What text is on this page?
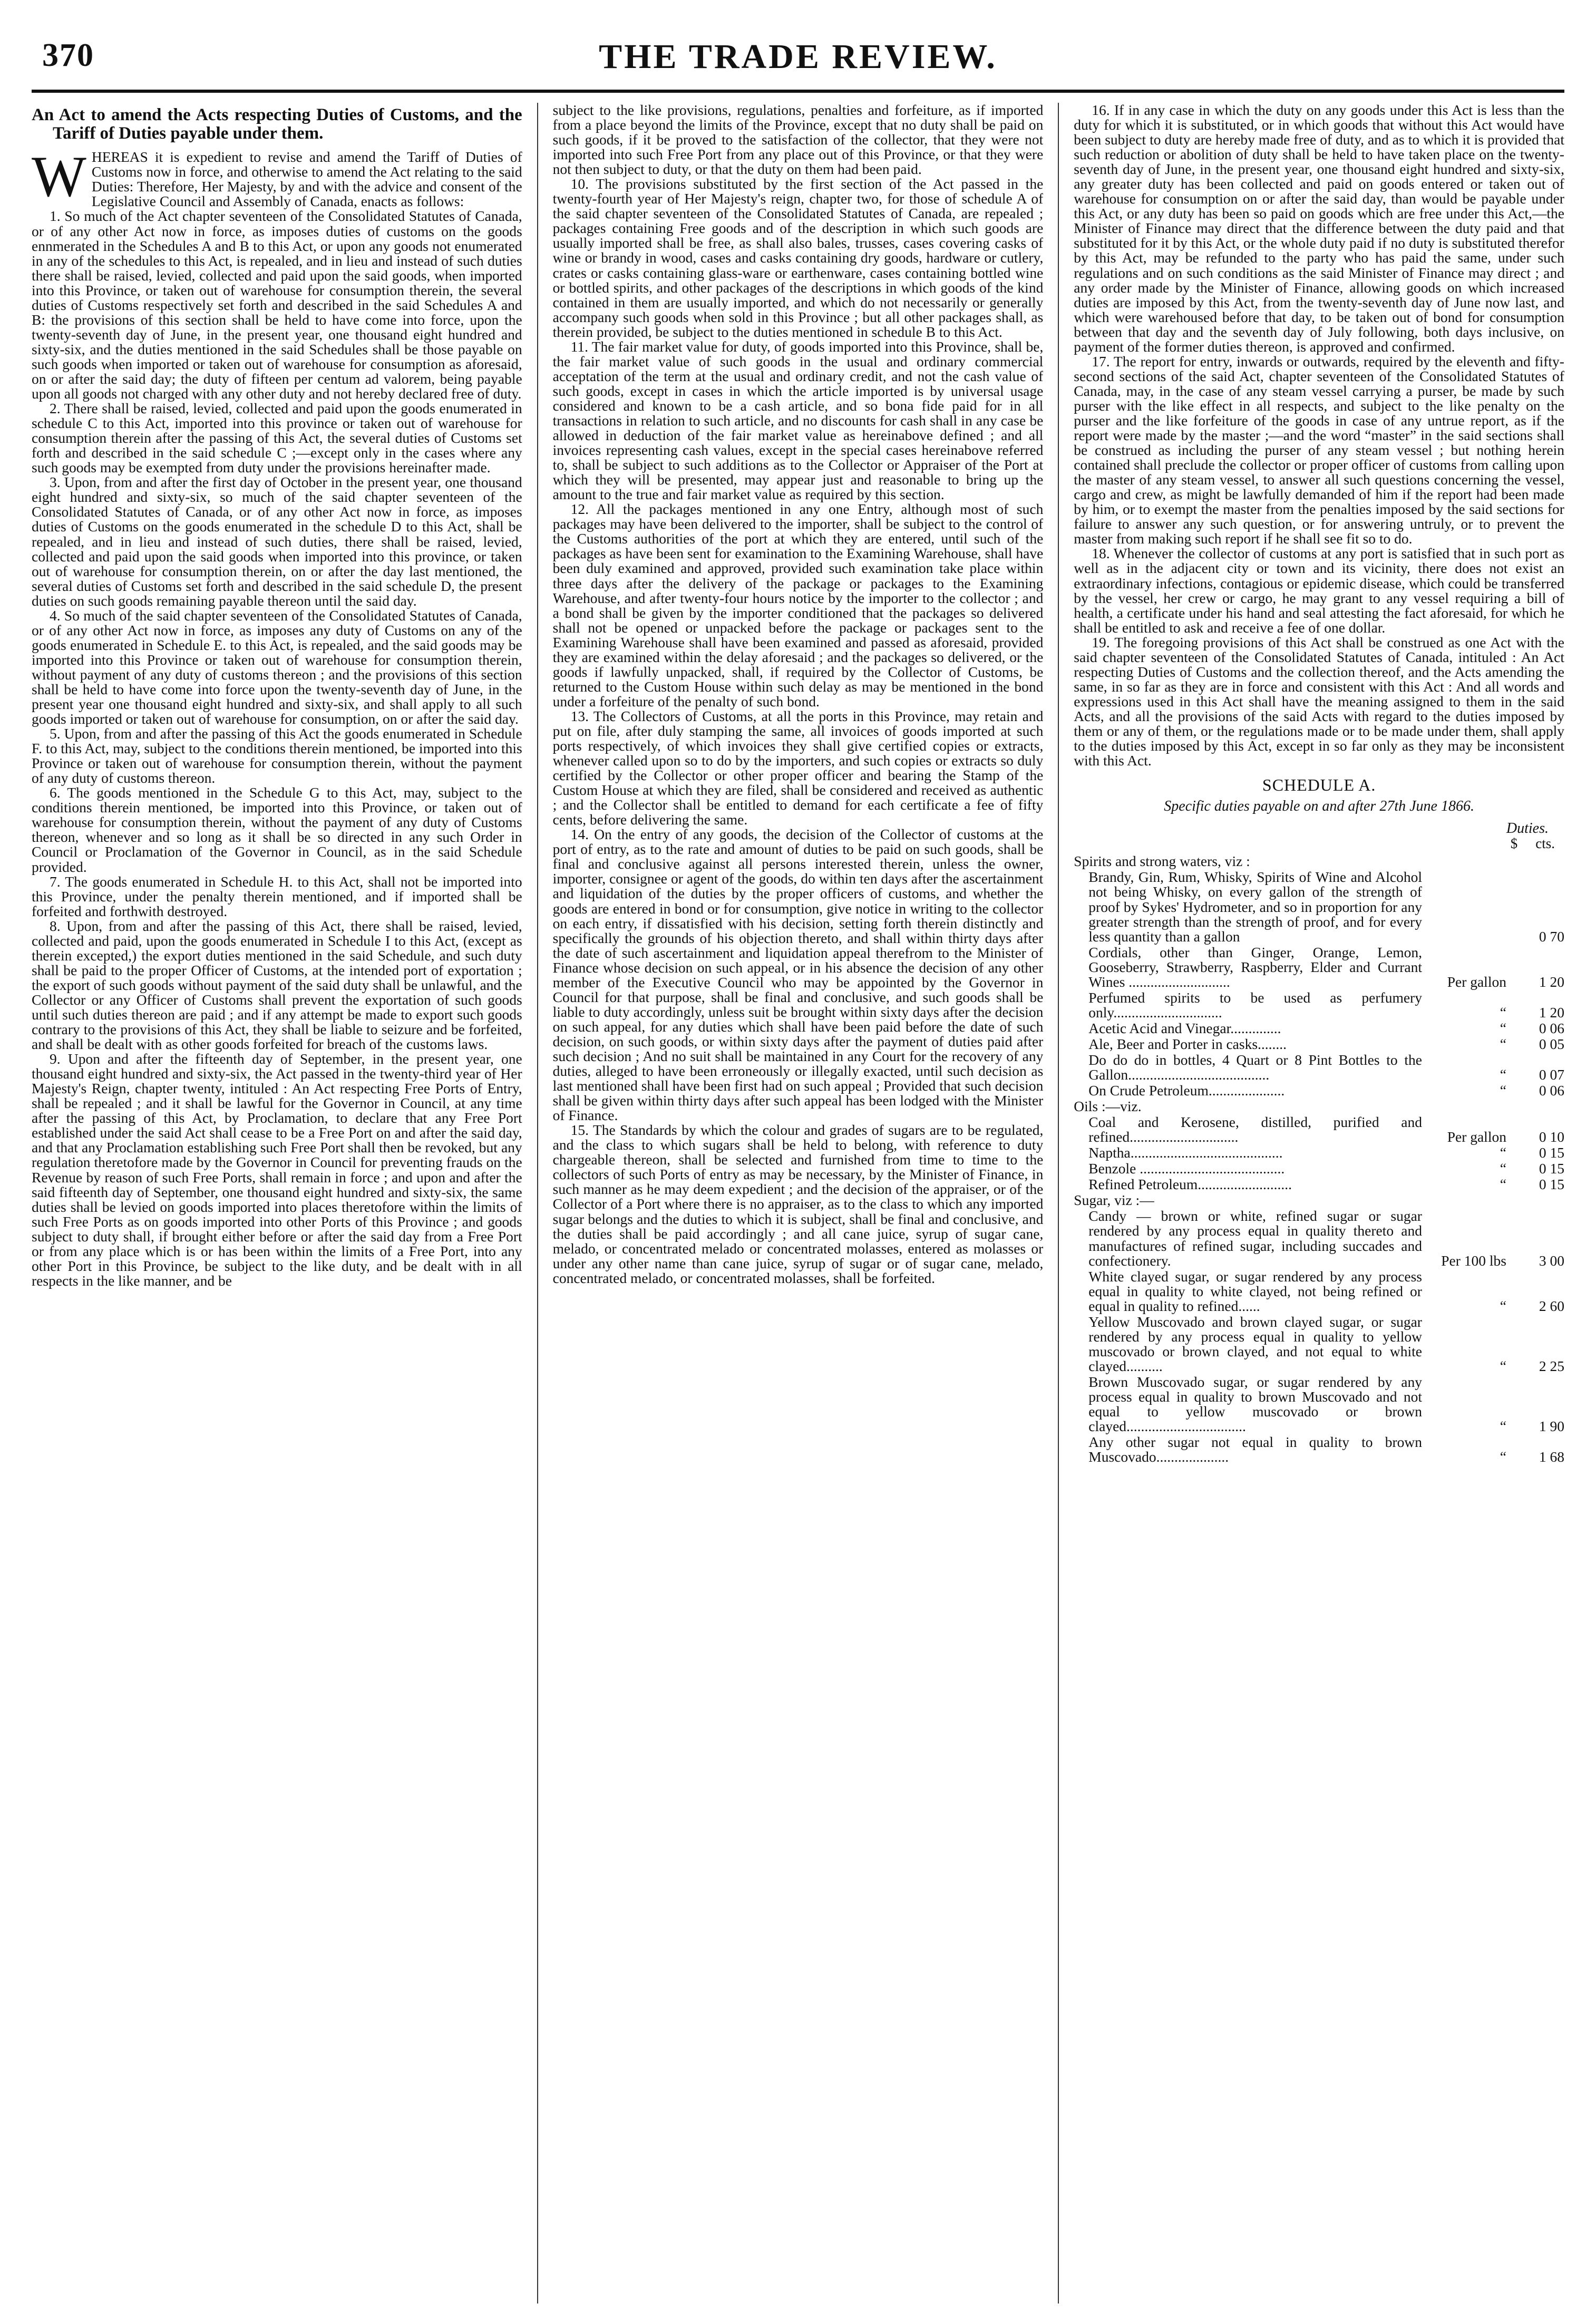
370	THE TRADE REVIEW.
An Act to amend the Acts respecting Duties of Customs, and the Tariff of Duties payable under them.

WHEREAS it is expedient to revise and amend the Tariff of Duties of Customs now in force, and otherwise to amend the Act relating to the said Duties: Therefore, Her Majesty, by and with the advice and consent of the Legislative Council and Assembly of Canada, enacts as follows:

1. So much of the Act chapter seventeen of the Consolidated Statutes of Canada, or of any other Act now in force, as imposes duties of customs on the goods ennmerated in the Schedules A and B to this Act, or upon any goods not enumerated in any of the schedules to this Act, is repealed, and in lieu and instead of such duties there shall be raised, levied, collected and paid upon the said goods, when imported into this Province, or taken out of warehouse for consumption therein, the several duties of Customs respectively set forth and described in the said Schedules A and B: the provisions of this section shall be held to have come into force, upon the twenty-seventh day of June, in the present year, one thousand eight hundred and sixty-six, and the duties mentioned in the said Schedules shall be those payable on such goods when imported or taken out of warehouse for consumption as aforesaid, on or after the said day; the duty of fifteen per centum ad valorem, being payable upon all goods not charged with any other duty and not hereby declared free of duty.

2. There shall be raised, levied, collected and paid upon the goods enumerated in schedule C to this Act, imported into this province or taken out of warehouse for consumption therein after the passing of this Act, the several duties of Customs set forth and described in the said schedule C ;—except only in the cases where any such goods may be exempted from duty under the provisions hereinafter made.

3. Upon, from and after the first day of October in the present year, one thousand eight hundred and sixty-six, so much of the said chapter seventeen of the Consolidated Statutes of Canada, or of any other Act now in force, as imposes duties of Customs on the goods enumerated in the schedule D to this Act, shall be repealed, and in lieu and instead of such duties, there shall be raised, levied, collected and paid upon the said goods when imported into this province, or taken out of warehouse for consumption therein, on or after the day last mentioned, the several duties of Customs set forth and described in the said schedule D, the present duties on such goods remaining payable thereon until the said day.

4. So much of the said chapter seventeen of the Consolidated Statutes of Canada, or of any other Act now in force, as imposes any duty of Customs on any of the goods enumerated in Schedule E. to this Act, is repealed, and the said goods may be imported into this Province or taken out of warehouse for consumption therein, without payment of any duty of customs thereon ; and the provisions of this section shall be held to have come into force upon the twenty-seventh day of June, in the present year one thousand eight hundred and sixty-six, and shall apply to all such goods imported or taken out of warehouse for consumption, on or after the said day.

5. Upon, from and after the passing of this Act the goods enumerated in Schedule F. to this Act, may, subject to the conditions therein mentioned, be imported into this Province or taken out of warehouse for consumption therein, without the payment of any duty of customs thereon.

6. The goods mentioned in the Schedule G to this Act, may, subject to the conditions therein mentioned, be imported into this Province, or taken out of warehouse for consumption therein, without the payment of any duty of Customs thereon, whenever and so long as it shall be so directed in any such Order in Council or Proclamation of the Governor in Council, as in the said Schedule provided.

7. The goods enumerated in Schedule H. to this Act, shall not be imported into this Province, under the penalty therein mentioned, and if imported shall be forfeited and forthwith destroyed.

8. Upon, from and after the passing of this Act, there shall be raised, levied, collected and paid, upon the goods enumerated in Schedule I to this Act, (except as therein excepted,) the export duties mentioned in the said Schedule, and such duty shall be paid to the proper Officer of Customs, at the intended port of exportation ; the export of such goods without payment of the said duty shall be unlawful, and the Collector or any Officer of Customs shall prevent the exportation of such goods until such duties thereon are paid ; and if any attempt be made to export such goods contrary to the provisions of this Act, they shall be liable to seizure and be forfeited, and shall be dealt with as other goods forfeited for breach of the customs laws.

9. Upon and after the fifteenth day of September, in the present year, one thousand eight hundred and sixty-six, the Act passed in the twenty-third year of Her Majesty's Reign, chapter twenty, intituled : An Act respecting Free Ports of Entry, shall be repealed ; and it shall be lawful for the Governor in Council, at any time after the passing of this Act, by Proclamation, to declare that any Free Port established under the said Act shall cease to be a Free Port on and after the said day, and that any Proclamation establishing such Free Port shall then be revoked, but any regulation theretofore made by the Governor in Council for preventing frauds on the Revenue by reason of such Free Ports, shall remain in force ; and upon and after the said fifteenth day of September, one thousand eight hundred and sixty-six, the same duties shall be levied on goods imported into places theretofore within the limits of such Free Ports as on goods imported into other Ports of this Province ; and goods subject to duty shall, if brought either before or after the said day from a Free Port or from any place which is or has been within the limits of a Free Port, into any other Port in this Province, be subject to the like duty, and be dealt with in all respects in the like manner, and be

subject to the like provisions, regulations, penalties and forfeiture, as if imported from a place beyond the limits of the Province, except that no duty shall be paid on such goods, if it be proved to the satisfaction of the collector, that they were not imported into such Free Port from any place out of this Province, or that they were not then subject to duty, or that the duty on them had been paid.

10. The provisions substituted by the first section of the Act passed in the twenty-fourth year of Her Majesty's reign, chapter two, for those of schedule A of the said chapter seventeen of the Consolidated Statutes of Canada, are repealed ; packages containing Free goods and of the description in which such goods are usually imported shall be free, as shall also bales, trusses, cases covering casks of wine or brandy in wood, cases and casks containing dry goods, hardware or cutlery, crates or casks containing glass-ware or earthenware, cases containing bottled wine or bottled spirits, and other packages of the descriptions in which goods of the kind contained in them are usually imported, and which do not necessarily or generally accompany such goods when sold in this Province ; but all other packages shall, as therein provided, be subject to the duties mentioned in schedule B to this Act.

11. The fair market value for duty, of goods imported into this Province, shall be, the fair market value of such goods in the usual and ordinary commercial acceptation of the term at the usual and ordinary credit, and not the cash value of such goods, except in cases in which the article imported is by universal usage considered and known to be a cash article, and so bona fide paid for in all transactions in relation to such article, and no discounts for cash shall in any case be allowed in deduction of the fair market value as hereinabove defined ; and all invoices representing cash values, except in the special cases hereinabove referred to, shall be subject to such additions as to the Collector or Appraiser of the Port at which they will be presented, may appear just and reasonable to bring up the amount to the true and fair market value as required by this section.

12. All the packages mentioned in any one Entry, although most of such packages may have been delivered to the importer, shall be subject to the control of the Customs authorities of the port at which they are entered, until such of the packages as have been sent for examination to the Examining Warehouse, shall have been duly examined and approved, provided such examination take place within three days after the delivery of the package or packages to the Examining Warehouse, and after twenty-four hours notice by the importer to the collector ; and a bond shall be given by the importer conditioned that the packages so delivered shall not be opened or unpacked before the package or packages sent to the Examining Warehouse shall have been examined and passed as aforesaid, provided they are examined within the delay aforesaid ; and the packages so delivered, or the goods if lawfully unpacked, shall, if required by the Collector of Customs, be returned to the Custom House within such delay as may be mentioned in the bond under a forfeiture of the penalty of such bond.

13. The Collectors of Customs, at all the ports in this Province, may retain and put on file, after duly stamping the same, all invoices of goods imported at such ports respectively, of which invoices they shall give certified copies or extracts, whenever called upon so to do by the importers, and such copies or extracts so duly certified by the Collector or other proper officer and bearing the Stamp of the Custom House at which they are filed, shall be considered and received as authentic ; and the Collector shall be entitled to demand for each certificate a fee of fifty cents, before delivering the same.

14. On the entry of any goods, the decision of the Collector of customs at the port of entry, as to the rate and amount of duties to be paid on such goods, shall be final and conclusive against all persons interested therein, unless the owner, importer, consignee or agent of the goods, do within ten days after the ascertainment and liquidation of the duties by the proper officers of customs, and whether the goods are entered in bond or for consumption, give notice in writing to the collector on each entry, if dissatisfied with his decision, setting forth therein distinctly and specifically the grounds of his objection thereto, and shall within thirty days after the date of such ascertainment and liquidation appeal therefrom to the Minister of Finance whose decision on such appeal, or in his absence the decision of any other member of the Executive Council who may be appointed by the Governor in Council for that purpose, shall be final and conclusive, and such goods shall be liable to duty accordingly, unless suit be brought within sixty days after the decision on such appeal, for any duties which shall have been paid before the date of such decision, on such goods, or within sixty days after the payment of duties paid after such decision ; And no suit shall be maintained in any Court for the recovery of any duties, alleged to have been erroneously or illegally exacted, until such decision as last mentioned shall have been first had on such appeal ; Provided that such decision shall be given within thirty days after such appeal has been lodged with the Minister of Finance.

15. The Standards by which the colour and grades of sugars are to be regulated, and the class to which sugars shall be held to belong, with reference to duty chargeable thereon, shall be selected and furnished from time to time to the collectors of such Ports of entry as may be necessary, by the Minister of Finance, in such manner as he may deem expedient ; and the decision of the appraiser, or of the Collector of a Port where there is no appraiser, as to the class to which any imported sugar belongs and the duties to which it is subject, shall be final and conclusive, and the duties shall be paid accordingly ; and all cane juice, syrup of sugar cane, melado, or concentrated melado or concentrated molasses, entered as molasses or under any other name than cane juice, syrup of sugar or of sugar cane, melado, concentrated melado, or concentrated molasses, shall be forfeited.

16. If in any case in which the duty on any goods under this Act is less than the duty for which it is substituted, or in which goods that without this Act would have been subject to duty are hereby made free of duty, and as to which it is provided that such reduction or abolition of duty shall be held to have taken place on the twenty-seventh day of June, in the present year, one thousand eight hundred and sixty-six, any greater duty has been collected and paid on goods entered or taken out of warehouse for consumption on or after the said day, than would be payable under this Act, or any duty has been so paid on goods which are free under this Act,—the Minister of Finance may direct that the difference between the duty paid and that substituted for it by this Act, or the whole duty paid if no duty is substituted therefor by this Act, may be refunded to the party who has paid the same, under such regulations and on such conditions as the said Minister of Finance may direct ; and any order made by the Minister of Finance, allowing goods on which increased duties are imposed by this Act, from the twenty-seventh day of June now last, and which were warehoused before that day, to be taken out of bond for consumption between that day and the seventh day of July following, both days inclusive, on payment of the former duties thereon, is approved and confirmed.

17. The report for entry, inwards or outwards, required by the eleventh and fifty-second sections of the said Act, chapter seventeen of the Consolidated Statutes of Canada, may, in the case of any steam vessel carrying a purser, be made by such purser with the like effect in all respects, and subject to the like penalty on the purser and the like forfeiture of the goods in case of any untrue report, as if the report were made by the master ;—and the word “master” in the said sections shall be construed as including the purser of any steam vessel ; but nothing herein contained shall preclude the collector or proper officer of customs from calling upon the master of any steam vessel, to answer all such questions concerning the vessel, cargo and crew, as might be lawfully demanded of him if the report had been made by him, or to exempt the master from the penalties imposed by the said sections for failure to answer any such question, or for answering untruly, or to prevent the master from making such report if he shall see fit so to do.

18. Whenever the collector of customs at any port is satisfied that in such port as well as in the adjacent city or town and its vicinity, there does not exist an extraordinary infections, contagious or epidemic disease, which could be transferred by the vessel, her crew or cargo, he may grant to any vessel requiring a bill of health, a certificate under his hand and seal attesting the fact aforesaid, for which he shall be entitled to ask and receive a fee of one dollar.

19. The foregoing provisions of this Act shall be construed as one Act with the said chapter seventeen of the Consolidated Statutes of Canada, intituled : An Act respecting Duties of Customs and the collection thereof, and the Acts amending the same, in so far as they are in force and consistent with this Act : And all words and expressions used in this Act shall have the meaning assigned to them in the said Acts, and all the provisions of the said Acts with regard to the duties imposed by them or any of them, or the regulations made or to be made under them, shall apply to the duties imposed by this Act, except in so far only as they may be inconsistent with this Act.

SCHEDULE A.
Specific duties payable on and after 27th June 1866.
Duties.
$ cts.
Spirits and strong waters, viz :
Brandy, Gin, Rum, Whisky, Spirits of Wine and Alcohol not being Whisky, on every gallon of the strength of proof by Sykes' Hydrometer, and so in proportion for any greater strength than the strength of proof, and for every less quantity than a gallon	0 70
Cordials, other than Ginger, Orange, Lemon, Gooseberry, Strawberry, Raspberry, Elder and Currant Wines ............................	Per gallon	1 20
Perfumed spirits to be used as perfumery only..............................	“	1 20
Acetic Acid and Vinegar..............	“	0 06
Ale, Beer and Porter in casks........	“	0 05
Do do do in bottles, 4 Quart or 8 Pint Bottles to the Gallon.......................................	“	0 07
On Crude Petroleum.....................	“	0 06
Oils :—viz.
Coal and Kerosene, distilled, purified and refined..............................	Per gallon	0 10
Naptha..........................................	“	0 15
Benzole ........................................	“	0 15
Refined Petroleum..........................	“	0 15
Sugar, viz :—
Candy — brown or white, refined sugar or sugar rendered by any process equal in quality thereto and manufactures of refined sugar, including succades and confectionery.	Per 100 lbs	3 00
White clayed sugar, or sugar rendered by any process equal in quality to white clayed, not being refined or equal in quality to refined......	“	2 60
Yellow Muscovado and brown clayed sugar, or sugar rendered by any process equal in quality to yellow muscovado or brown clayed, and not equal to white clayed..........	“	2 25
Brown Muscovado sugar, or sugar rendered by any process equal in quality to brown Muscovado and not equal to yellow muscovado or brown clayed.................................	“	1 90
Any other sugar not equal in quality to brown Muscovado....................	“	1 68
